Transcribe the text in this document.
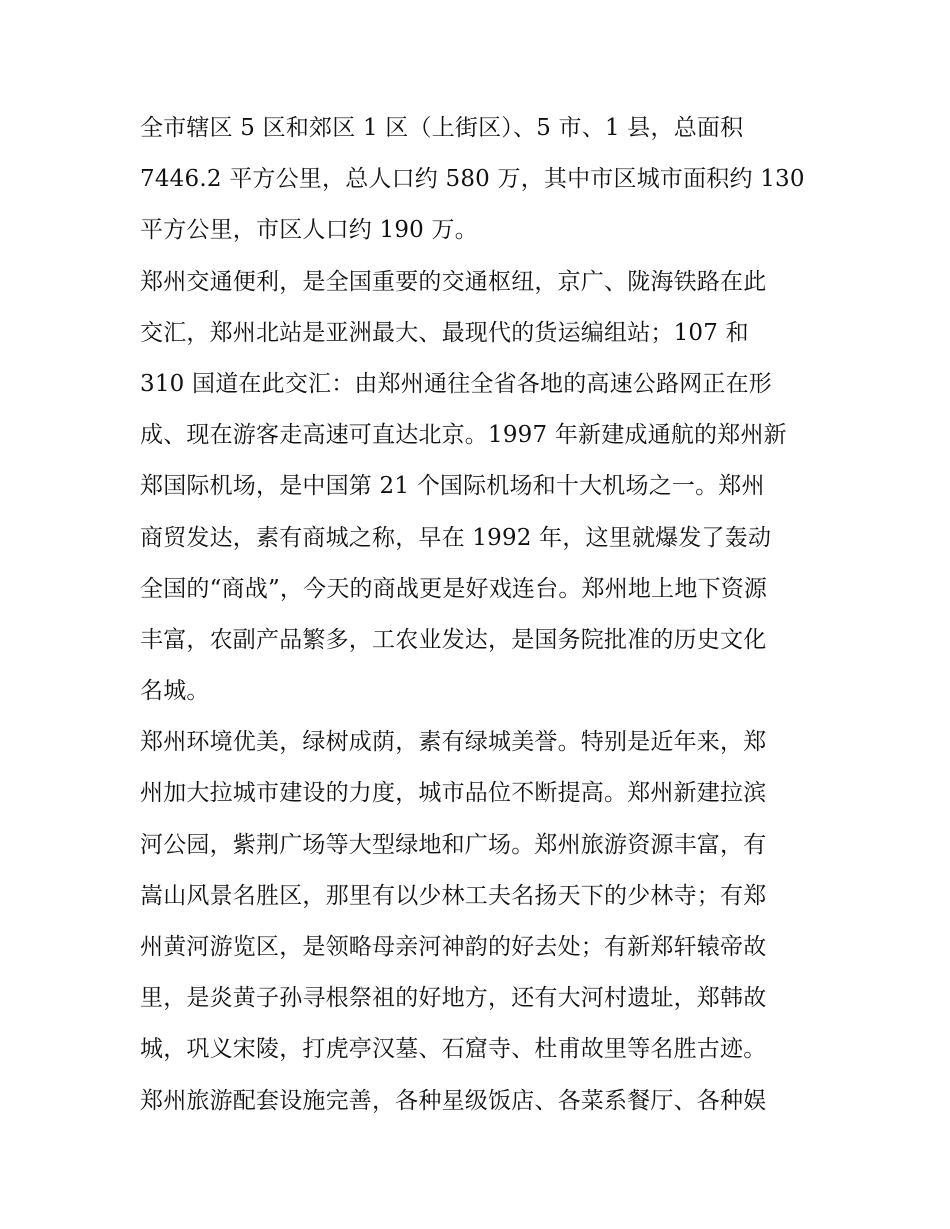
全市辖区 5 区和郊区 1 区（上街区）、5 市、1 县，总面积
7446.2 平方公里，总人口约 580 万，其中市区城市面积约 130
平方公里，市区人口约 190 万。
郑州交通便利，是全国重要的交通枢纽，京广、陇海铁路在此
交汇，郑州北站是亚洲最大、最现代的货运编组站；107 和
310 国道在此交汇：由郑州通往全省各地的高速公路网正在形
成、现在游客走高速可直达北京。1997 年新建成通航的郑州新
郑国际机场，是中国第 21 个国际机场和十大机场之一。郑州
商贸发达，素有商城之称，早在 1992 年，这里就爆发了轰动
全国的“商战”，今天的商战更是好戏连台。郑州地上地下资源
丰富，农副产品繁多，工农业发达，是国务院批准的历史文化
名城。
郑州环境优美，绿树成荫，素有绿城美誉。特别是近年来，郑
州加大拉城市建设的力度，城市品位不断提高。郑州新建拉滨
河公园，紫荆广场等大型绿地和广场。郑州旅游资源丰富，有
嵩山风景名胜区，那里有以少林工夫名扬天下的少林寺；有郑
州黄河游览区，是领略母亲河神韵的好去处；有新郑轩辕帝故
里，是炎黄子孙寻根祭祖的好地方，还有大河村遗址，郑韩故
城，巩义宋陵，打虎亭汉墓、石窟寺、杜甫故里等名胜古迹。
郑州旅游配套设施完善，各种星级饭店、各菜系餐厅、各种娱
